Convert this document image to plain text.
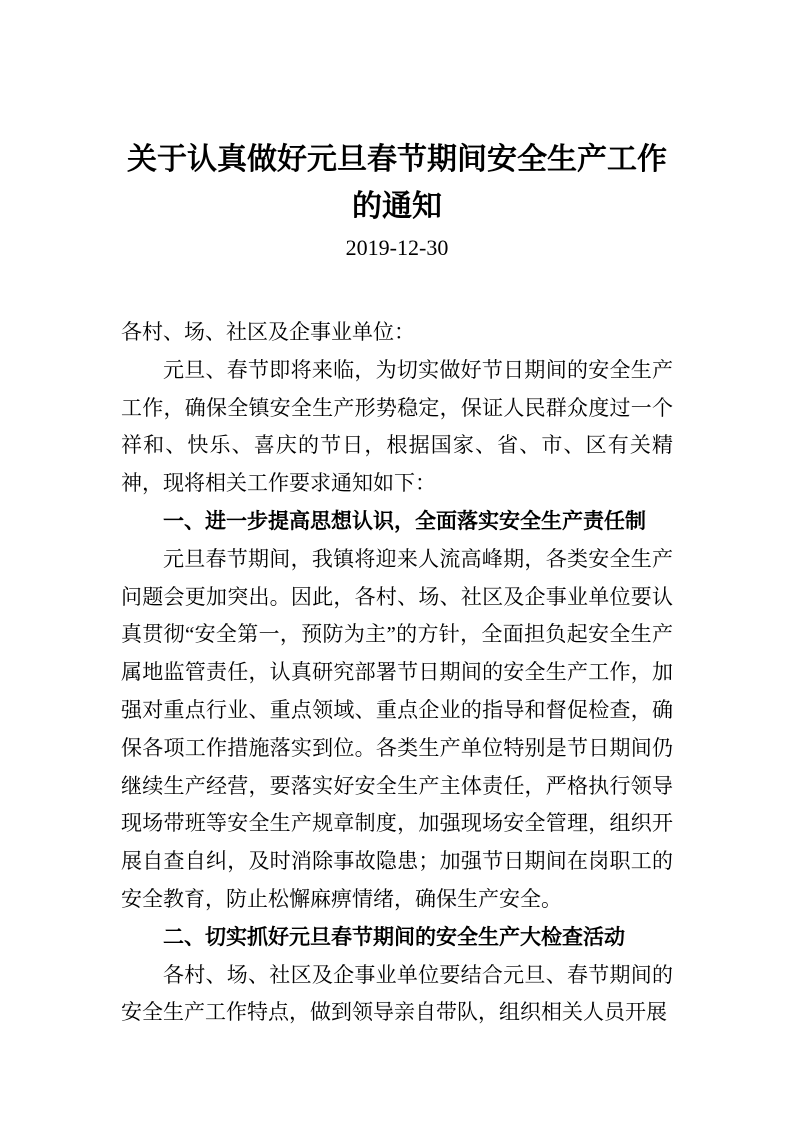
关于认真做好元旦春节期间安全生产工作的通知
2019-12-30

各村、场、社区及企事业单位：

元旦、春节即将来临，为切实做好节日期间的安全生产工作，确保全镇安全生产形势稳定，保证人民群众度过一个祥和、快乐、喜庆的节日，根据国家、省、市、区有关精神，现将相关工作要求通知如下：

一、进一步提高思想认识，全面落实安全生产责任制

元旦春节期间，我镇将迎来人流高峰期，各类安全生产问题会更加突出。因此，各村、场、社区及企事业单位要认真贯彻“安全第一，预防为主”的方针，全面担负起安全生产属地监管责任，认真研究部署节日期间的安全生产工作，加强对重点行业、重点领域、重点企业的指导和督促检查，确保各项工作措施落实到位。各类生产单位特别是节日期间仍继续生产经营，要落实好安全生产主体责任，严格执行领导现场带班等安全生产规章制度，加强现场安全管理，组织开展自查自纠，及时消除事故隐患；加强节日期间在岗职工的安全教育，防止松懈麻痹情绪，确保生产安全。

二、切实抓好元旦春节期间的安全生产大检查活动

各村、场、社区及企事业单位要结合元旦、春节期间的安全生产工作特点，做到领导亲自带队，组织相关人员开展
